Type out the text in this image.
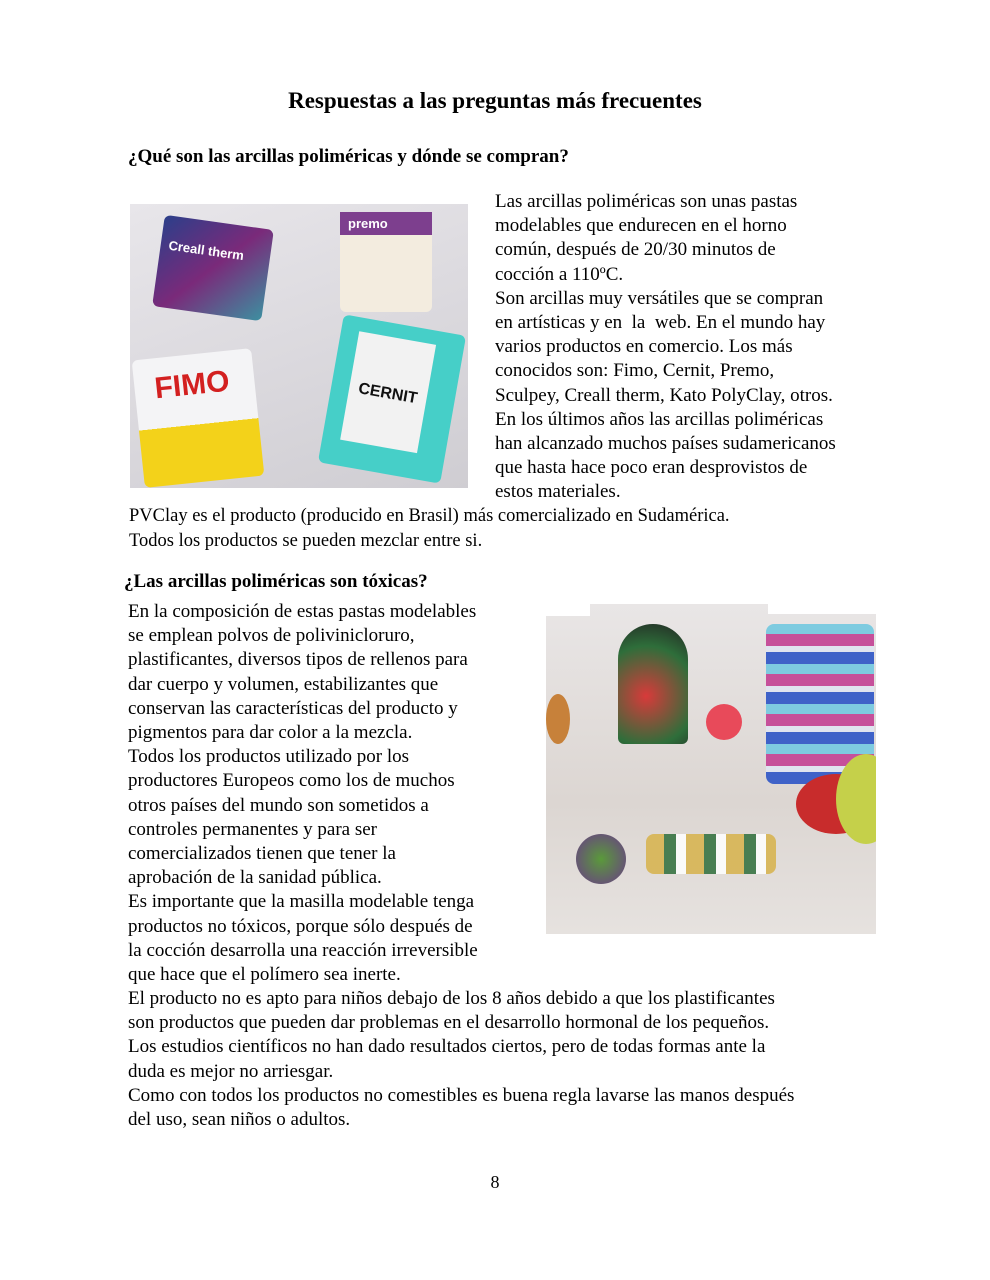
Respuestas a las preguntas más frecuentes
¿Qué son las arcillas poliméricas y dónde se compran?
Creall therm
premo
FIMO	CERNIT
Las arcillas poliméricas son unas pastas
modelables que endurecen en el horno
común, después de 20/30 minutos de
cocción a 110ºC.
Son arcillas muy versátiles que se compran
en artísticas y en  la  web. En el mundo hay
varios productos en comercio. Los más
conocidos son: Fimo, Cernit, Premo,
Sculpey, Creall therm, Kato PolyClay, otros.
En los últimos años las arcillas poliméricas
han alcanzado muchos países sudamericanos
que hasta hace poco eran desprovistos de
estos materiales.
PVClay es el producto (producido en Brasil) más comercializado en Sudamérica.
Todos los productos se pueden mezclar entre si.
¿Las arcillas poliméricas son tóxicas?
En la composición de estas pastas modelables
se emplean polvos de polivinicloruro,
plastificantes, diversos tipos de rellenos para
dar cuerpo y volumen, estabilizantes que
conservan las características del producto y
pigmentos para dar color a la mezcla.
Todos los productos utilizado por los
productores Europeos como los de muchos
otros países del mundo son sometidos a
controles permanentes y para ser
comercializados tienen que tener la
aprobación de la sanidad pública.
Es importante que la masilla modelable tenga
productos no tóxicos, porque sólo después de
la cocción desarrolla una reacción irreversible
que hace que el polímero sea inerte.
El producto no es apto para niños debajo de los 8 años debido a que los plastificantes
son productos que pueden dar problemas en el desarrollo hormonal de los pequeños.
Los estudios científicos no han dado resultados ciertos, pero de todas formas ante la
duda es mejor no arriesgar.
Como con todos los productos no comestibles es buena regla lavarse las manos después
del uso, sean niños o adultos.
8
